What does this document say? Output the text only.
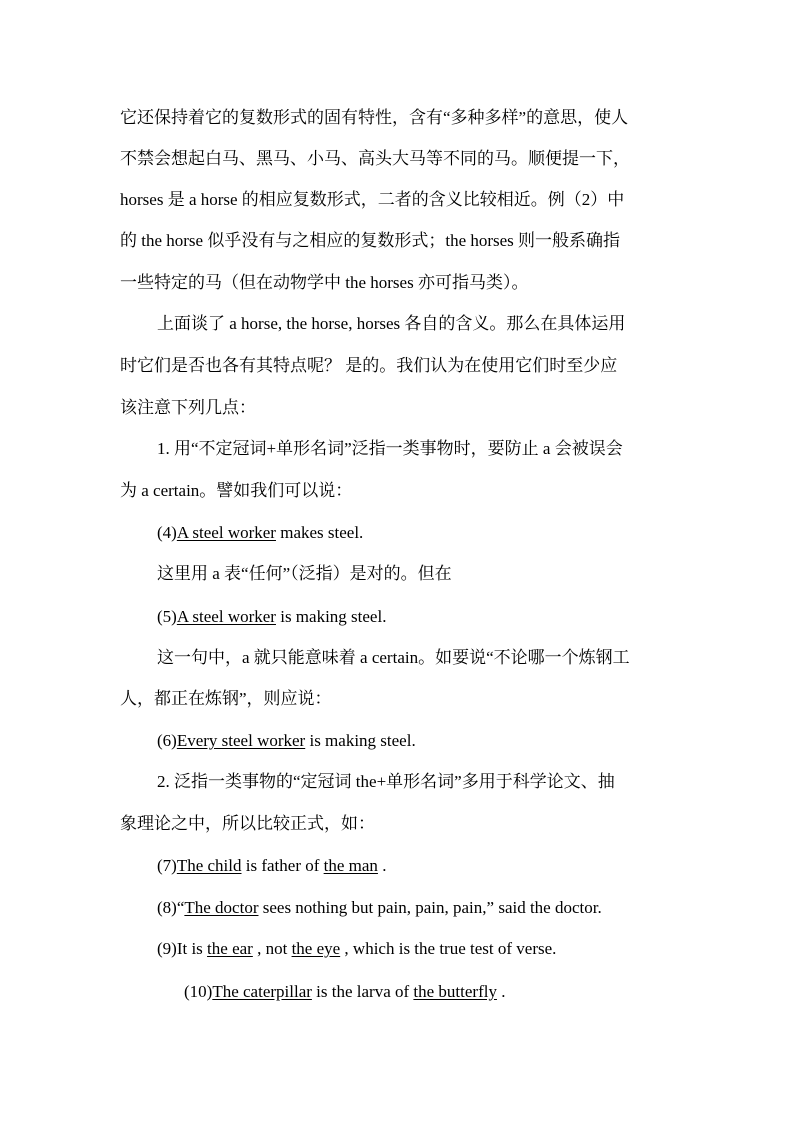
它还保持着它的复数形式的固有特性，含有“多种多样”的意思，使人
不禁会想起白马、黑马、小马、高头大马等不同的马。顺便提一下，
horses 是 a horse 的相应复数形式，二者的含义比较相近。例（2）中
的 the horse 似乎没有与之相应的复数形式；the horses 则一般系确指
一些特定的马（但在动物学中 the horses 亦可指马类）。
上面谈了 a horse, the horse, horses 各自的含义。那么在具体运用
时它们是否也各有其特点呢？ 是的。我们认为在使用它们时至少应
该注意下列几点：
1. 用“不定冠词+单形名词”泛指一类事物时，要防止 a 会被误会
为 a certain。譬如我们可以说：
(4)A steel worker makes steel.
这里用 a 表“任何”（泛指）是对的。但在
(5)A steel worker is making steel.
这一句中，a 就只能意味着 a certain。如要说“不论哪一个炼钢工
人，都正在炼钢”，则应说：
(6)Every steel worker is making steel.
2. 泛指一类事物的“定冠词 the+单形名词”多用于科学论文、抽
象理论之中，所以比较正式，如：
(7)The child is father of the man .
(8)“The doctor sees nothing but pain, pain, pain,” said the doctor.
(9)It is the ear , not the eye , which is the true test of verse.
(10)The caterpillar is the larva of the butterfly .
